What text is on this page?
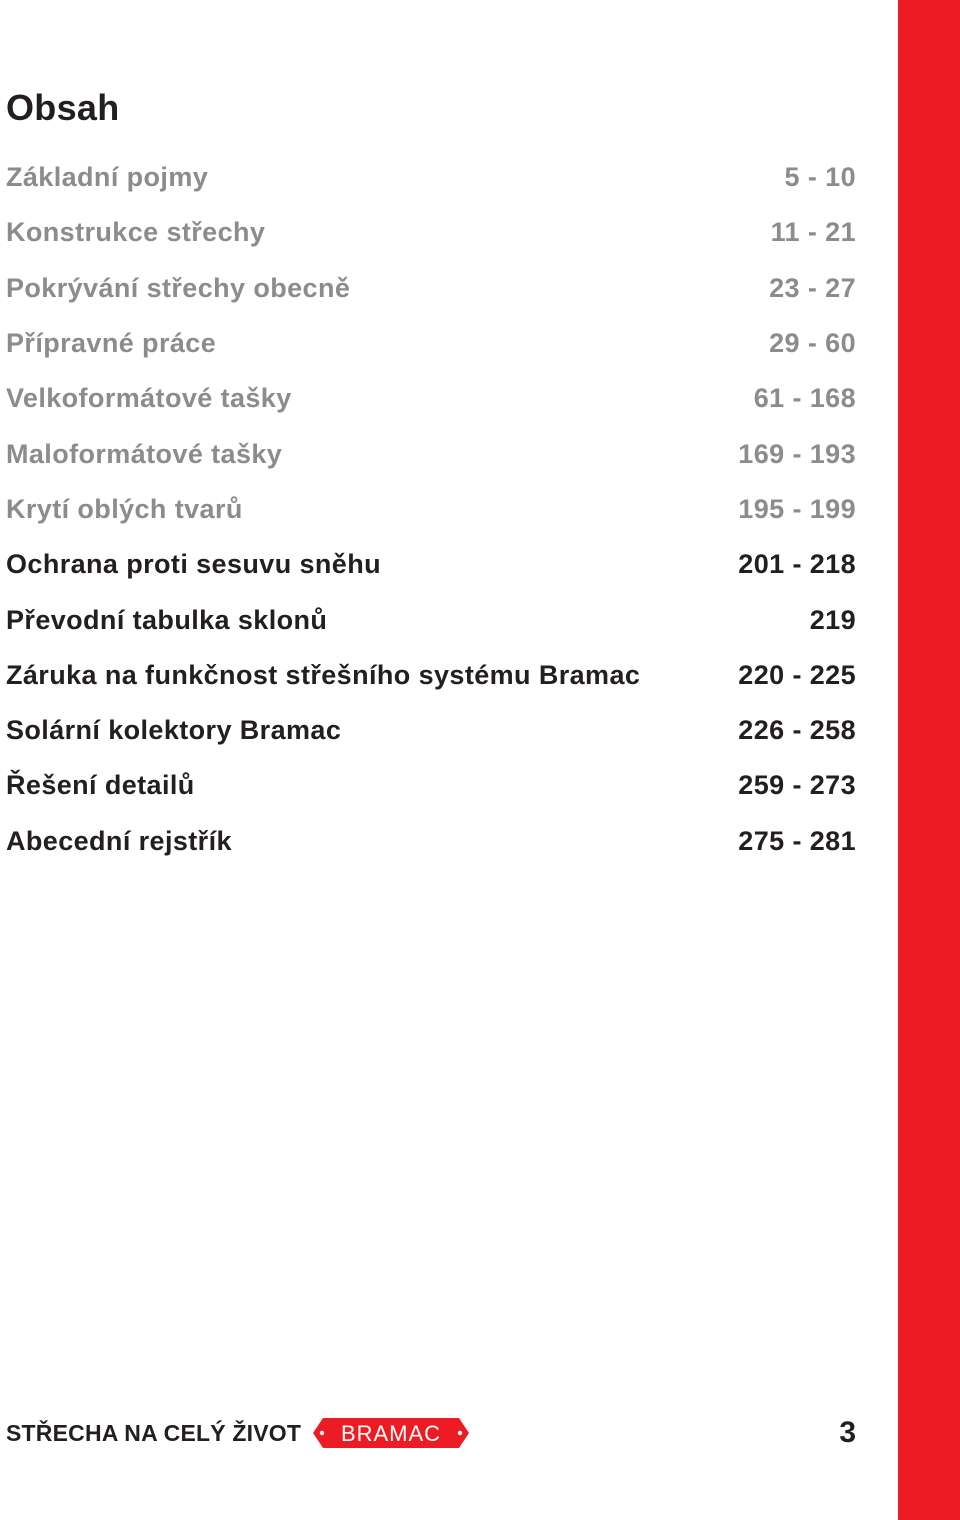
Obsah
Základní pojmy	5 - 10
Konstrukce střechy	11 - 21
Pokrývání střechy obecně	23 - 27
Přípravné práce	29 - 60
Velkoformátové tašky	61 - 168
Maloformátové tašky	169 - 193
Krytí oblých tvarů	195 - 199
Ochrana proti sesuvu sněhu	201 - 218
Převodní tabulka sklonů	219
Záruka na funkčnost střešního systému Bramac	220 - 225
Solární kolektory Bramac	226 - 258
Řešení detailů	259 - 273
Abecední rejstřík	275 - 281
STŘECHA NA CELÝ ŽIVOT BRAMAC	3
